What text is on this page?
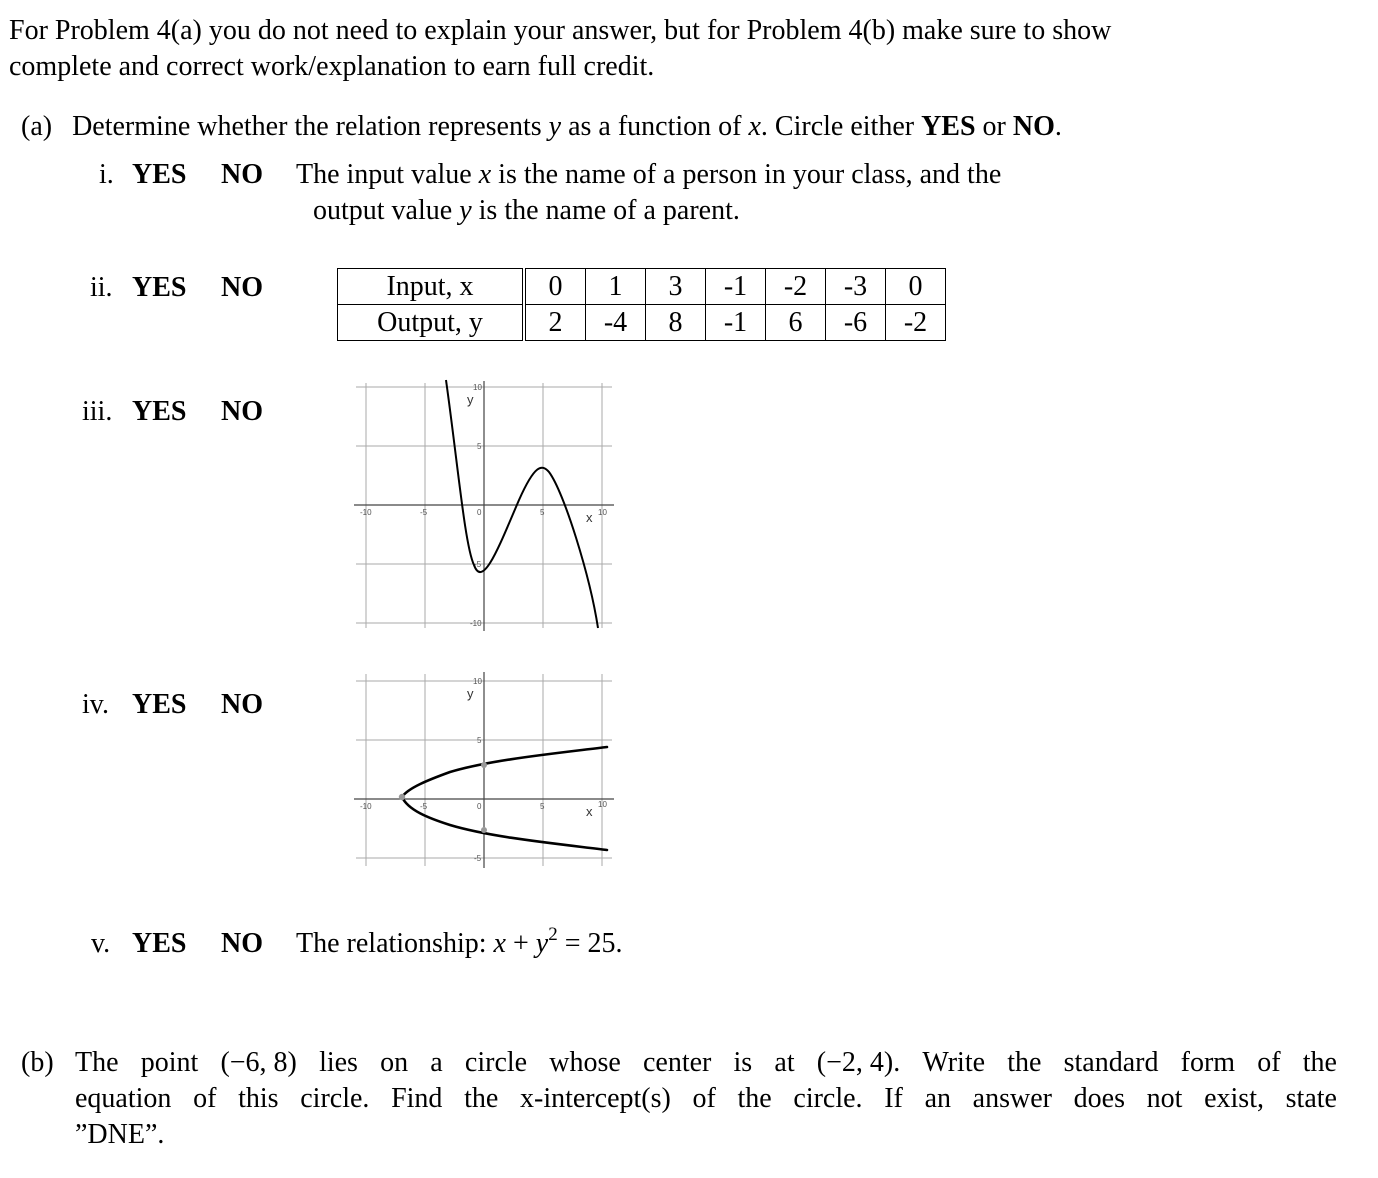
For Problem 4(a) you do not need to explain your answer, but for Problem 4(b) make sure to show
complete and correct work/explanation to earn full credit.
(a) Determine whether the relation represents y as a function of x. Circle either YES or NO.
i. YES NO The input value x is the name of a person in your class, and the
output value y is the name of a parent.
ii. YES NO	Input, x	0	1	3	-1	-2	-3	0
Output, y	2	-4	8	-1	6	-6	-2
iii. YES NO
-10	-5	0	5	10
10
5
-5
-10
y
x
iv. YES NO
-10	-5	0	5	10
10
5
-5
y
x
v. YES NO The relationship: $x + y^2 = 25$.
(b) The point (−6, 8) lies on a circle whose center is at (−2, 4). Write the standard form of the
equation of this circle. Find the x-intercept(s) of the circle. If an answer does not exist, state
”DNE”.
